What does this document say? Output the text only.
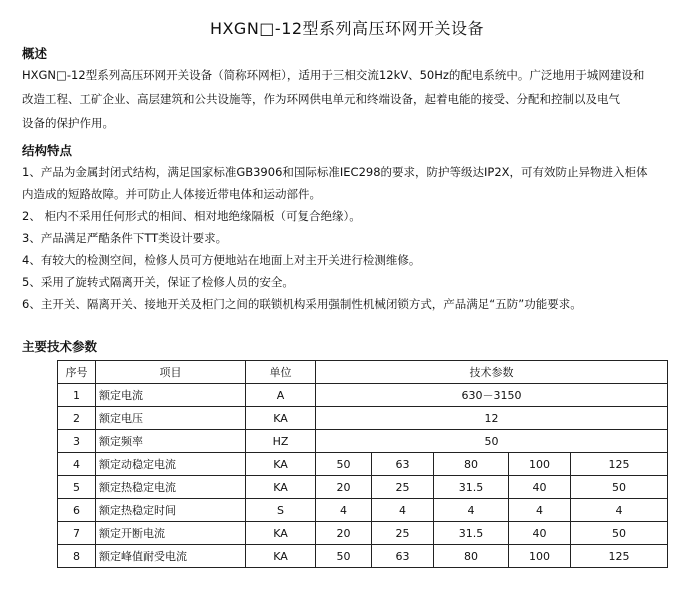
HXGN□-12型系列高压环网开关设备
概述
HXGN□-12型系列高压环网开关设备（简称环网柜），适用于三相交流12kV、50Hz的配电系统中。广泛地用于城网建设和
改造工程、工矿企业、高层建筑和公共设施等，作为环网供电单元和终端设备，起着电能的接受、分配和控制以及电气
设备的保护作用。
结构特点
1、产品为金属封闭式结构，满足国家标准GB3906和国际标准IEC298的要求，防护等级达IP2X，可有效防止异物进入柜体
内造成的短路故障。并可防止人体接近带电体和运动部件。
2、 柜内不采用任何形式的相间、相对地绝缘隔板（可复合绝缘）。
3、产品满足严酷条件下TT类设计要求。
4、有较大的检测空间，检修人员可方便地站在地面上对主开关进行检测维修。
5、采用了旋转式隔离开关，保证了检修人员的安全。
6、主开关、隔离开关、接地开关及柜门之间的联锁机构采用强制性机械闭锁方式，产品满足“五防”功能要求。
主要技术参数
序号	项目	单位	技术参数				
1	额定电流	A	630－3150				
2	额定电压	KA	12				
3	额定频率	HZ	50				
4	额定动稳定电流	KA	50	63	80	100	125
5	额定热稳定电流	KA	20	25	31.5	40	50
6	额定热稳定时间	S	4	4	4	4	4
7	额定开断电流	KA	20	25	31.5	40	50
8	额定峰值耐受电流	KA	50	63	80	100	125
